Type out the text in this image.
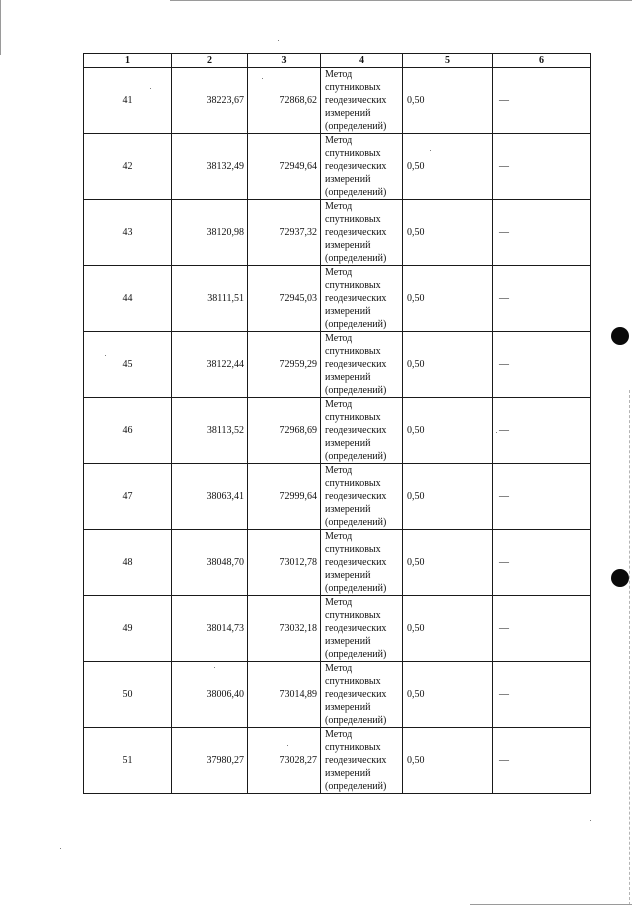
1	2	3	4	5	6
41	38223,67	72868,62	Метод
спутниковых
геодезических
измерений
(определений)	0,50	—
42	38132,49	72949,64	Метод
спутниковых
геодезических
измерений
(определений)	0,50	—
43	38120,98	72937,32	Метод
спутниковых
геодезических
измерений
(определений)	0,50	—
44	38111,51	72945,03	Метод
спутниковых
геодезических
измерений
(определений)	0,50	—
45	38122,44	72959,29	Метод
спутниковых
геодезических
измерений
(определений)	0,50	—
46	38113,52	72968,69	Метод
спутниковых
геодезических
измерений
(определений)	0,50	—
47	38063,41	72999,64	Метод
спутниковых
геодезических
измерений
(определений)	0,50	—
48	38048,70	73012,78	Метод
спутниковых
геодезических
измерений
(определений)	0,50	—
49	38014,73	73032,18	Метод
спутниковых
геодезических
измерений
(определений)	0,50	—
50	38006,40	73014,89	Метод
спутниковых
геодезических
измерений
(определений)	0,50	—
51	37980,27	73028,27	Метод
спутниковых
геодезических
измерений
(определений)	0,50	—
